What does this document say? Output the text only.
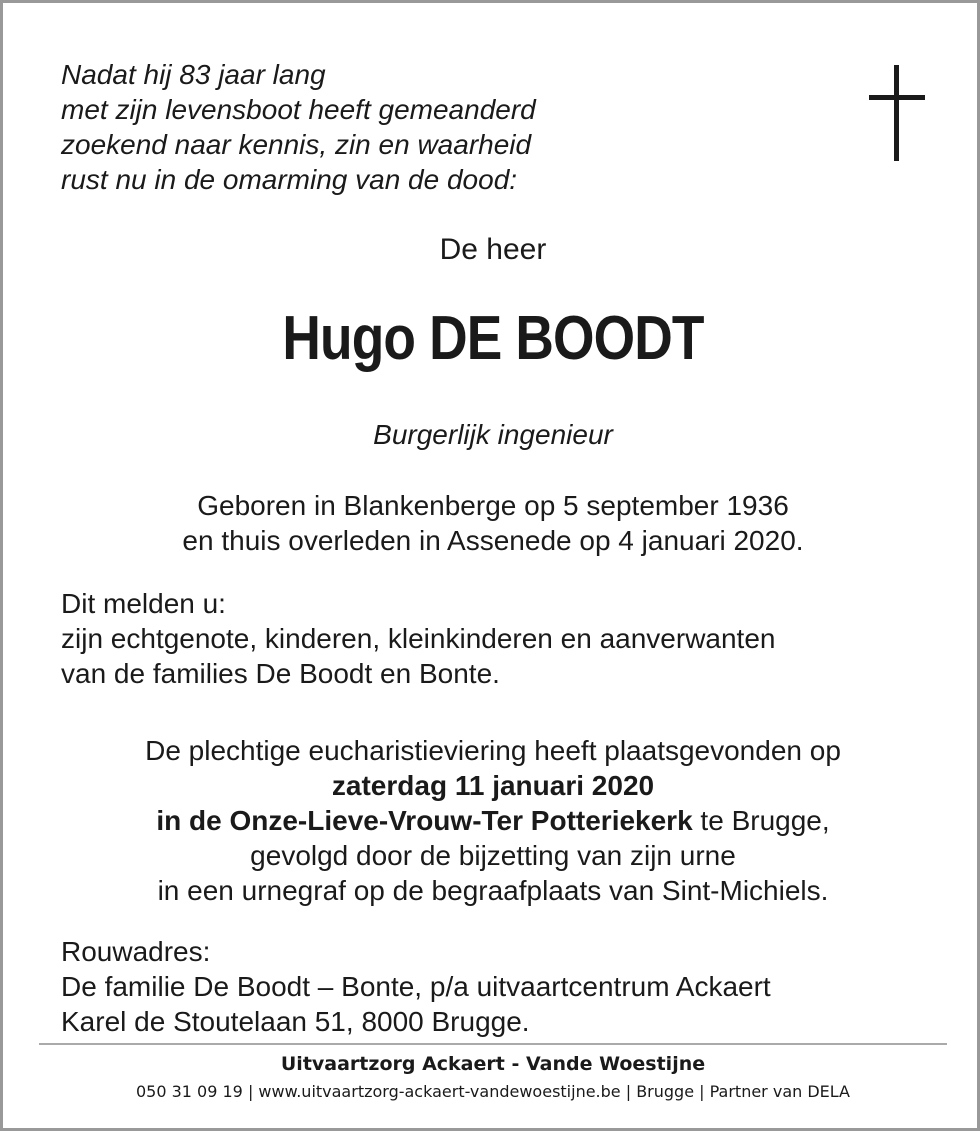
Nadat hij 83 jaar lang
met zijn levensboot heeft gemeanderd
zoekend naar kennis, zin en waarheid
rust nu in de omarming van de dood:
De heer
Hugo DE BOODT
Burgerlijk ingenieur
Geboren in Blankenberge op 5 september 1936
en thuis overleden in Assenede op 4 januari 2020.
Dit melden u:
zijn echtgenote, kinderen, kleinkinderen en aanverwanten
van de families De Boodt en Bonte.
De plechtige eucharistieviering heeft plaatsgevonden op
zaterdag 11 januari 2020
in de Onze-Lieve-Vrouw-Ter Potteriekerk te Brugge,
gevolgd door de bijzetting van zijn urne
in een urnegraf op de begraafplaats van Sint-Michiels.
Rouwadres:
De familie De Boodt – Bonte, p/a uitvaartcentrum Ackaert
Karel de Stoutelaan 51, 8000 Brugge.
Uitvaartzorg Ackaert - Vande Woestijne
050 31 09 19 | www.uitvaartzorg-ackaert-vandewoestijne.be | Brugge | Partner van DELA
